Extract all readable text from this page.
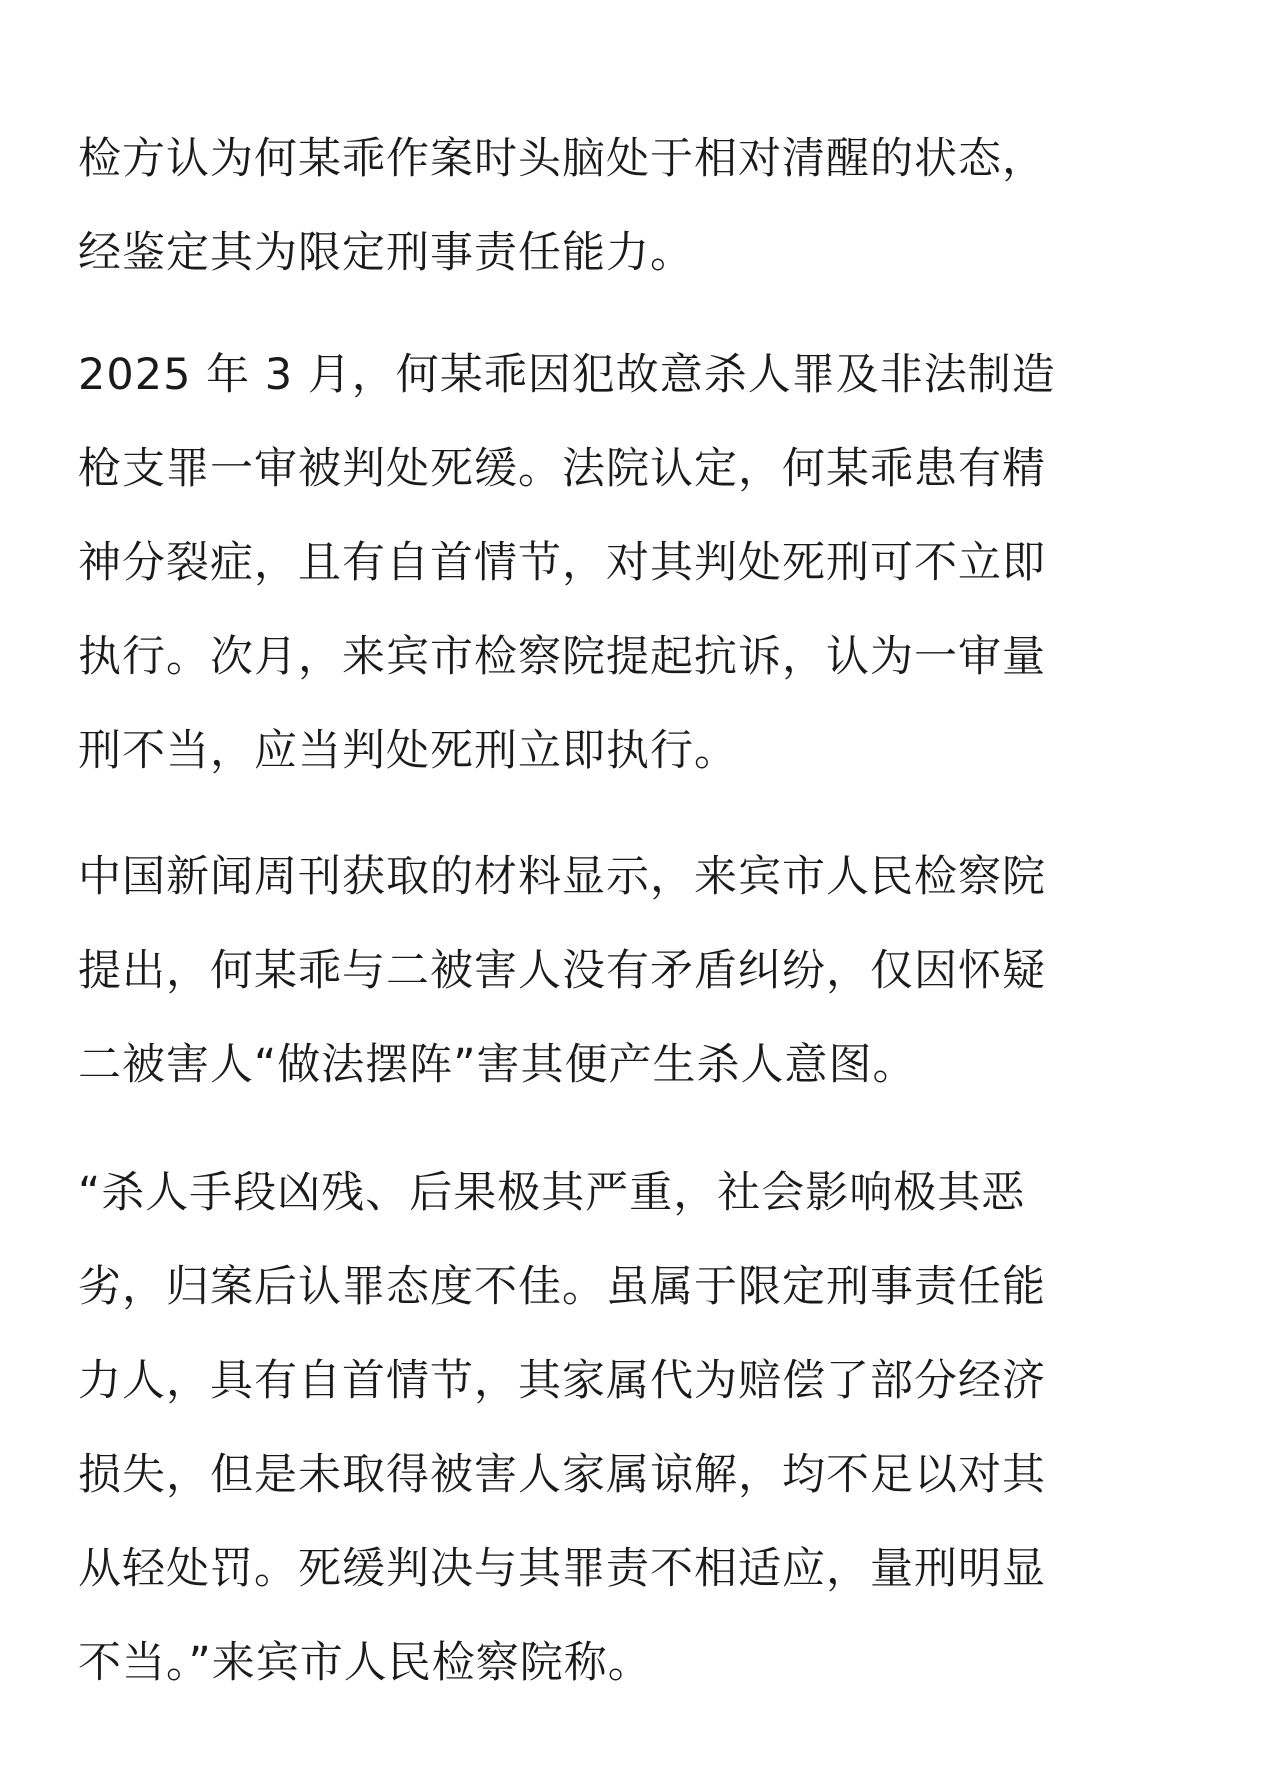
检方认为何某乖作案时头脑处于相对清醒的状态，
经鉴定其为限定刑事责任能力。
2025 年 3 月，何某乖因犯故意杀人罪及非法制造
枪支罪一审被判处死缓。法院认定，何某乖患有精
神分裂症，且有自首情节，对其判处死刑可不立即
执行。次月，来宾市检察院提起抗诉，认为一审量
刑不当，应当判处死刑立即执行。
中国新闻周刊获取的材料显示，来宾市人民检察院
提出，何某乖与二被害人没有矛盾纠纷，仅因怀疑
二被害人“做法摆阵”害其便产生杀人意图。
“杀人手段凶残、后果极其严重，社会影响极其恶
劣，归案后认罪态度不佳。虽属于限定刑事责任能
力人，具有自首情节，其家属代为赔偿了部分经济
损失，但是未取得被害人家属谅解，均不足以对其
从轻处罚。死缓判决与其罪责不相适应，量刑明显
不当。”来宾市人民检察院称。
